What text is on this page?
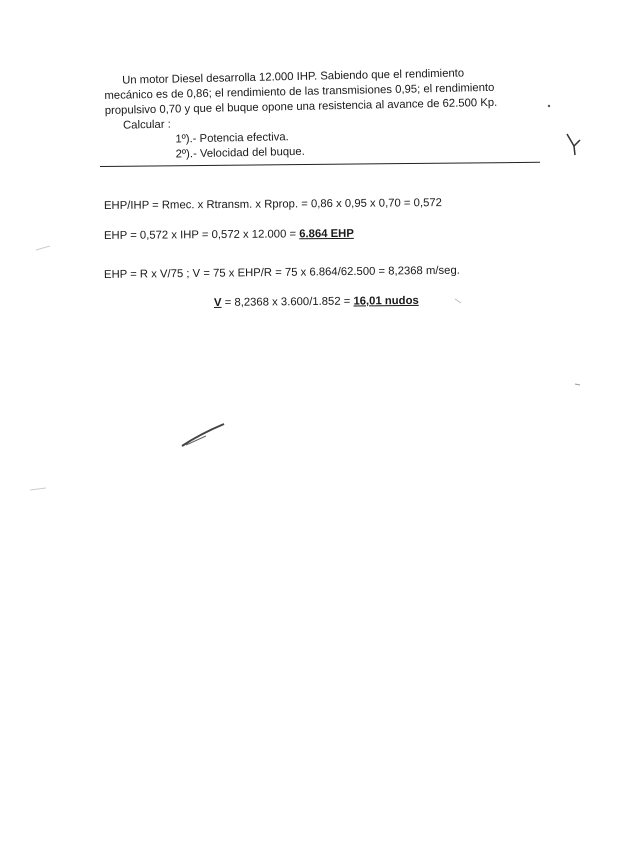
Un motor Diesel desarrolla 12.000 IHP. Sabiendo que el rendimiento

mecánico es de 0,86; el rendimiento de las transmisiones 0,95; el rendimiento

propulsivo 0,70 y que el buque opone una resistencia al avance de 62.500 Kp.

Calcular :

1º).- Potencia efectiva.

2º).- Velocidad del buque.

EHP/IHP = Rmec. x Rtransm. x Rprop. = 0,86 x 0,95 x 0,70 = 0,572
EHP = 0,572 x IHP = 0,572 x 12.000 = 6.864 EHP
EHP = R x V/75 ; V = 75 x EHP/R = 75 x 6.864/62.500 = 8,2368 m/seg.
V = 8,2368 x 3.600/1.852 = 16,01 nudos
